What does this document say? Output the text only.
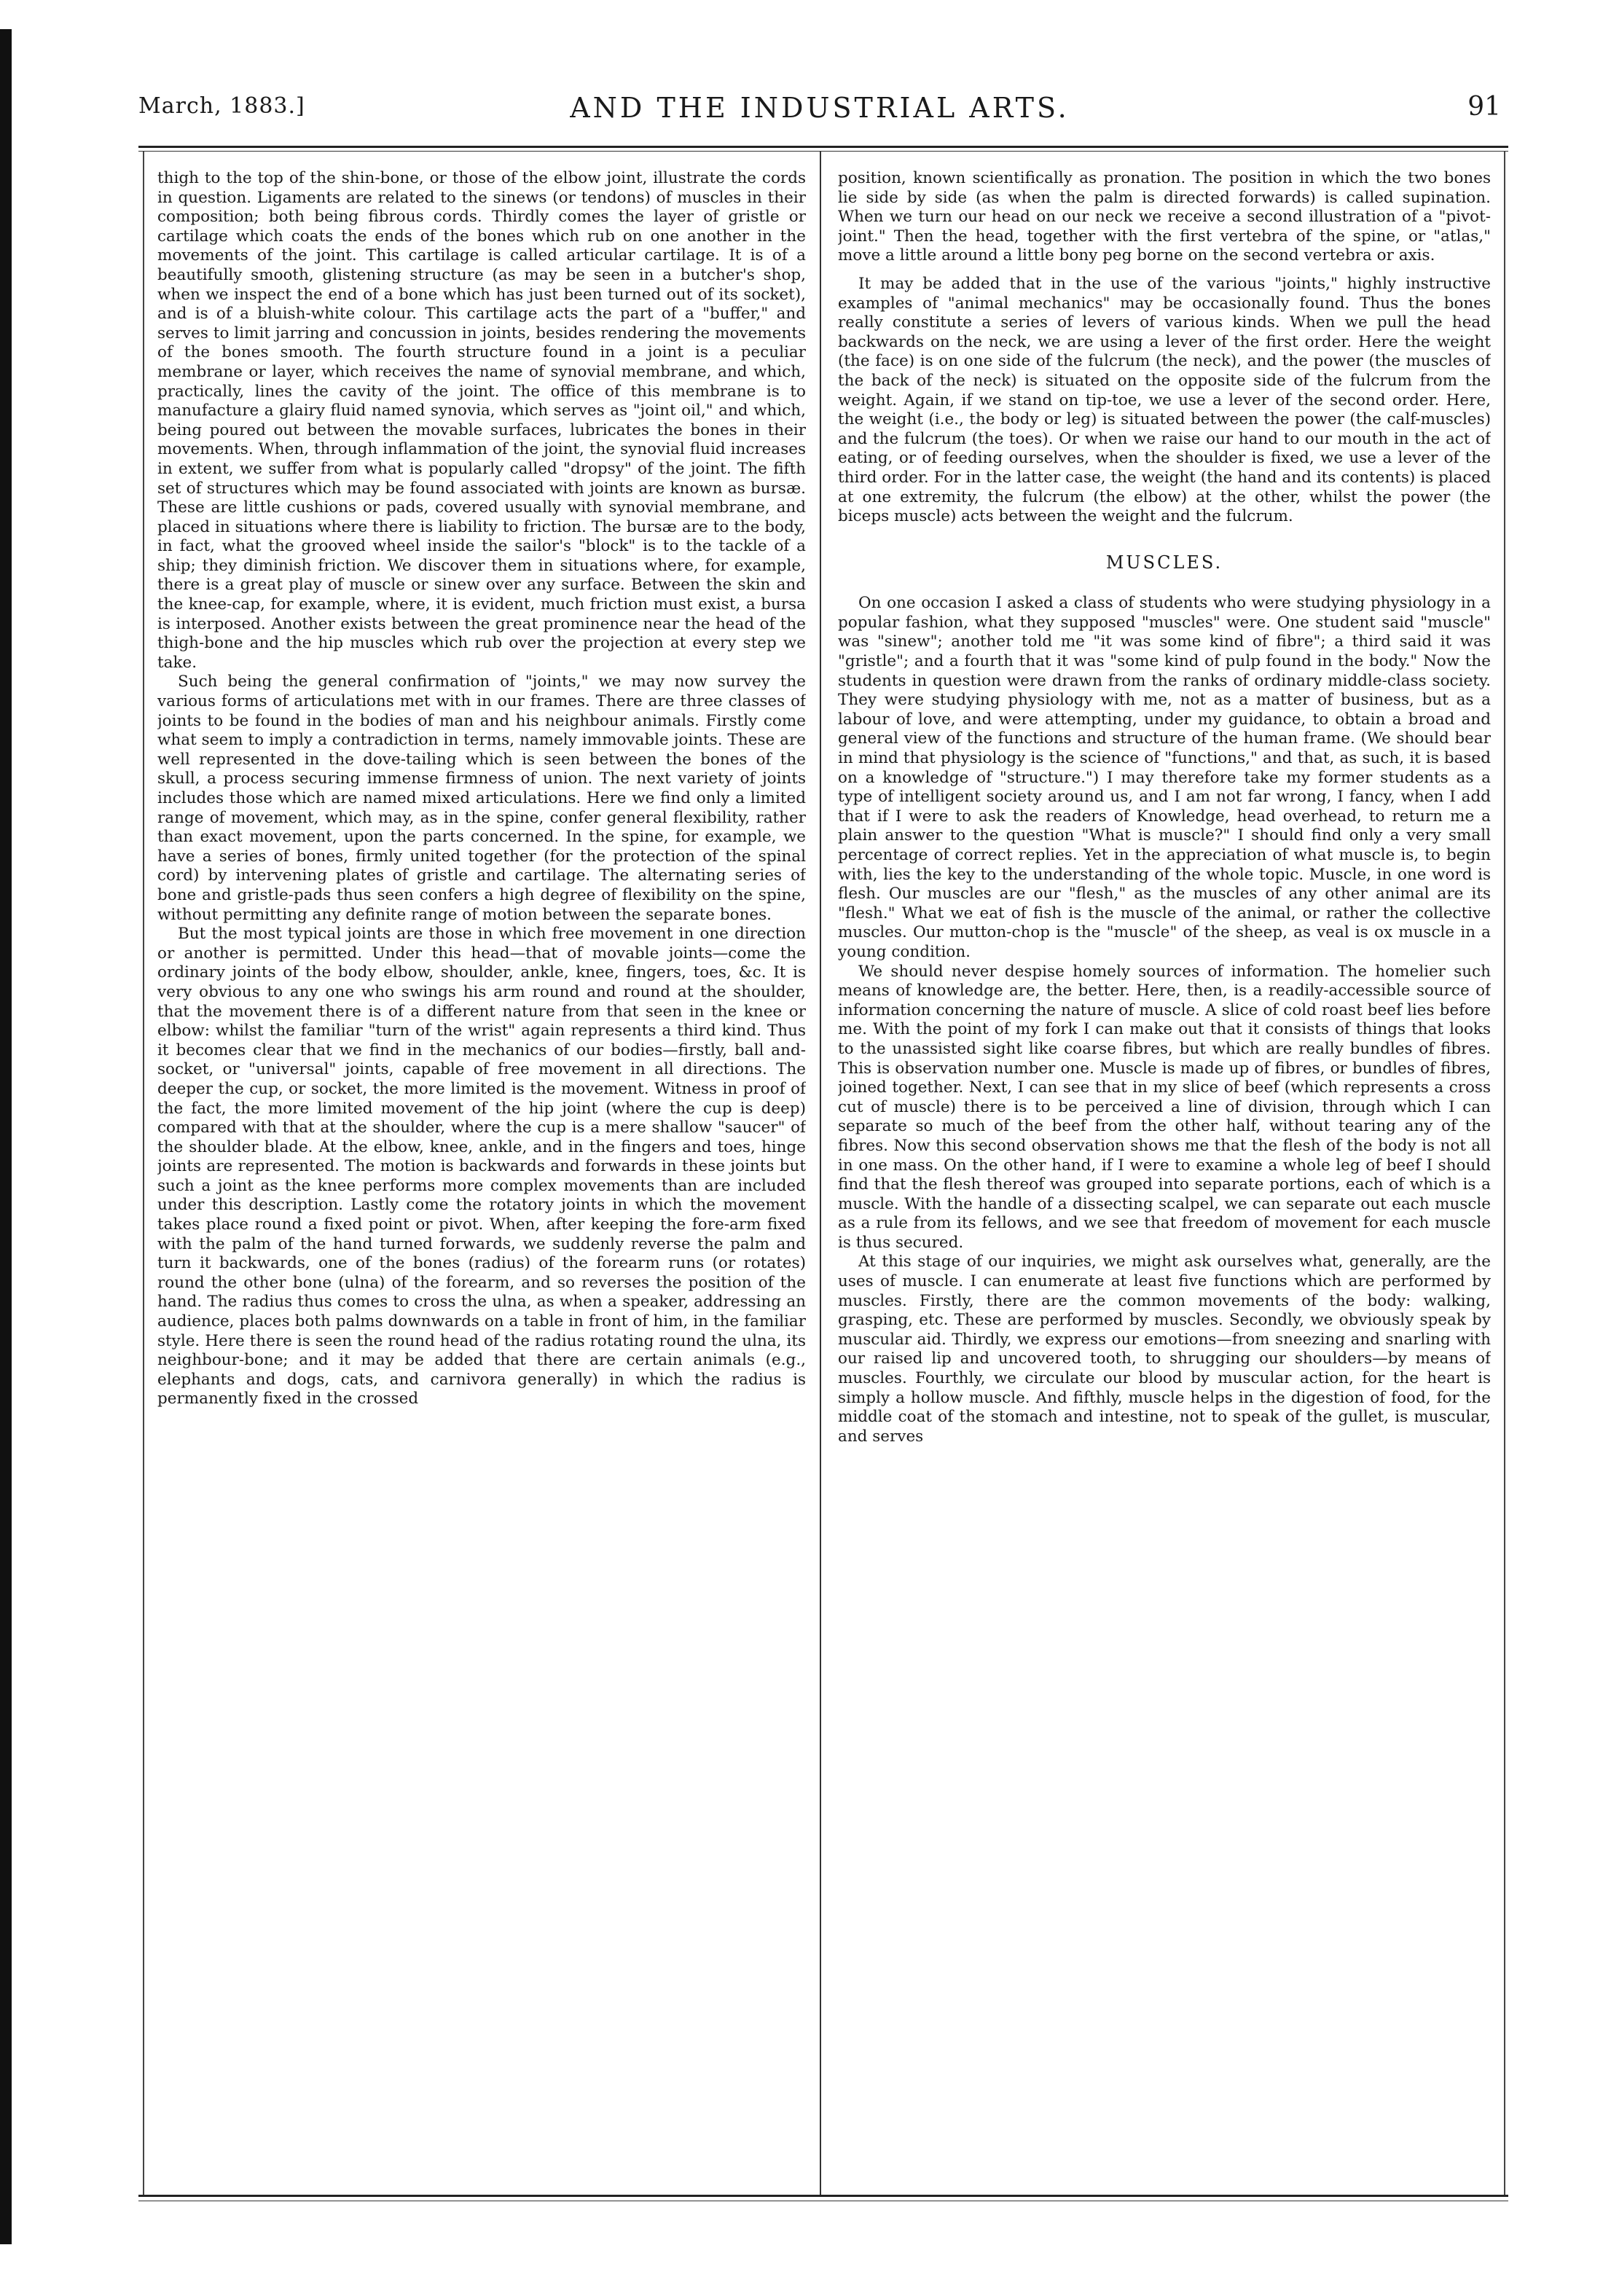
March, 1883.]	AND THE INDUSTRIAL ARTS.	91

thigh to the top of the shin-bone, or those of the elbow joint, illustrate the cords in question. Ligaments are related to the sinews (or tendons) of muscles in their composition; both being fibrous cords. Thirdly comes the layer of gristle or cartilage which coats the ends of the bones which rub on one another in the movements of the joint. This cartilage is called articular cartilage. It is of a beautifully smooth, glistening structure (as may be seen in a butcher's shop, when we inspect the end of a bone which has just been turned out of its socket), and is of a bluish-white colour. This cartilage acts the part of a "buffer," and serves to limit jarring and concussion in joints, besides rendering the movements of the bones smooth. The fourth structure found in a joint is a peculiar membrane or layer, which receives the name of synovial membrane, and which, practically, lines the cavity of the joint. The office of this membrane is to manufacture a glairy fluid named synovia, which serves as "joint oil," and which, being poured out between the movable surfaces, lubricates the bones in their movements. When, through inflammation of the joint, the synovial fluid increases in extent, we suffer from what is popularly called "dropsy" of the joint. The fifth set of structures which may be found associated with joints are known as bursæ. These are little cushions or pads, covered usually with synovial membrane, and placed in situations where there is liability to friction. The bursæ are to the body, in fact, what the grooved wheel inside the sailor's "block" is to the tackle of a ship; they diminish friction. We discover them in situations where, for example, there is a great play of muscle or sinew over any surface. Between the skin and the knee-cap, for example, where, it is evident, much friction must exist, a bursa is interposed. Another exists between the great prominence near the head of the thigh-bone and the hip muscles which rub over the projection at every step we take.

Such being the general confirmation of "joints," we may now survey the various forms of articulations met with in our frames. There are three classes of joints to be found in the bodies of man and his neighbour animals. Firstly come what seem to imply a contradiction in terms, namely immovable joints. These are well represented in the dove-tailing which is seen between the bones of the skull, a process securing immense firmness of union. The next variety of joints includes those which are named mixed articulations. Here we find only a limited range of movement, which may, as in the spine, confer general flexibility, rather than exact movement, upon the parts concerned. In the spine, for example, we have a series of bones, firmly united together (for the protection of the spinal cord) by intervening plates of gristle and cartilage. The alternating series of bone and gristle-pads thus seen confers a high degree of flexibility on the spine, without permitting any definite range of motion between the separate bones.

But the most typical joints are those in which free movement in one direction or another is permitted. Under this head—that of movable joints—come the ordinary joints of the body elbow, shoulder, ankle, knee, fingers, toes, &c. It is very obvious to any one who swings his arm round and round at the shoulder, that the movement there is of a different nature from that seen in the knee or elbow: whilst the familiar "turn of the wrist" again represents a third kind. Thus it becomes clear that we find in the mechanics of our bodies—firstly, ball and-socket, or "universal" joints, capable of free movement in all directions. The deeper the cup, or socket, the more limited is the movement. Witness in proof of the fact, the more limited movement of the hip joint (where the cup is deep) compared with that at the shoulder, where the cup is a mere shallow "saucer" of the shoulder blade. At the elbow, knee, ankle, and in the fingers and toes, hinge joints are represented. The motion is backwards and forwards in these joints but such a joint as the knee performs more complex movements than are included under this description. Lastly come the rotatory joints in which the movement takes place round a fixed point or pivot. When, after keeping the fore-arm fixed with the palm of the hand turned forwards, we suddenly reverse the palm and turn it backwards, one of the bones (radius) of the forearm runs (or rotates) round the other bone (ulna) of the forearm, and so reverses the position of the hand. The radius thus comes to cross the ulna, as when a speaker, addressing an audience, places both palms downwards on a table in front of him, in the familiar style. Here there is seen the round head of the radius rotating round the ulna, its neighbour-bone; and it may be added that there are certain animals (e.g., elephants and dogs, cats, and carnivora generally) in which the radius is permanently fixed in the crossed

position, known scientifically as pronation. The position in which the two bones lie side by side (as when the palm is directed forwards) is called supination. When we turn our head on our neck we receive a second illustration of a "pivot-joint." Then the head, together with the first vertebra of the spine, or "atlas," move a little around a little bony peg borne on the second vertebra or axis.

It may be added that in the use of the various "joints," highly instructive examples of "animal mechanics" may be occasionally found. Thus the bones really constitute a series of levers of various kinds. When we pull the head backwards on the neck, we are using a lever of the first order. Here the weight (the face) is on one side of the fulcrum (the neck), and the power (the muscles of the back of the neck) is situated on the opposite side of the fulcrum from the weight. Again, if we stand on tip-toe, we use a lever of the second order. Here, the weight (i.e., the body or leg) is situated between the power (the calf-muscles) and the fulcrum (the toes). Or when we raise our hand to our mouth in the act of eating, or of feeding ourselves, when the shoulder is fixed, we use a lever of the third order. For in the latter case, the weight (the hand and its contents) is placed at one extremity, the fulcrum (the elbow) at the other, whilst the power (the biceps muscle) acts between the weight and the fulcrum.

MUSCLES.

On one occasion I asked a class of students who were studying physiology in a popular fashion, what they supposed "muscles" were. One student said "muscle" was "sinew"; another told me "it was some kind of fibre"; a third said it was "gristle"; and a fourth that it was "some kind of pulp found in the body." Now the students in question were drawn from the ranks of ordinary middle-class society. They were studying physiology with me, not as a matter of business, but as a labour of love, and were attempting, under my guidance, to obtain a broad and general view of the functions and structure of the human frame. (We should bear in mind that physiology is the science of "functions," and that, as such, it is based on a knowledge of "structure.") I may therefore take my former students as a type of intelligent society around us, and I am not far wrong, I fancy, when I add that if I were to ask the readers of Knowledge, head overhead, to return me a plain answer to the question "What is muscle?" I should find only a very small percentage of correct replies. Yet in the appreciation of what muscle is, to begin with, lies the key to the understanding of the whole topic. Muscle, in one word is flesh. Our muscles are our "flesh," as the muscles of any other animal are its "flesh." What we eat of fish is the muscle of the animal, or rather the collective muscles. Our mutton-chop is the "muscle" of the sheep, as veal is ox muscle in a young condition.

We should never despise homely sources of information. The homelier such means of knowledge are, the better. Here, then, is a readily-accessible source of information concerning the nature of muscle. A slice of cold roast beef lies before me. With the point of my fork I can make out that it consists of things that looks to the unassisted sight like coarse fibres, but which are really bundles of fibres. This is observation number one. Muscle is made up of fibres, or bundles of fibres, joined together. Next, I can see that in my slice of beef (which represents a cross cut of muscle) there is to be perceived a line of division, through which I can separate so much of the beef from the other half, without tearing any of the fibres. Now this second observation shows me that the flesh of the body is not all in one mass. On the other hand, if I were to examine a whole leg of beef I should find that the flesh thereof was grouped into separate portions, each of which is a muscle. With the handle of a dissecting scalpel, we can separate out each muscle as a rule from its fellows, and we see that freedom of movement for each muscle is thus secured.

At this stage of our inquiries, we might ask ourselves what, generally, are the uses of muscle. I can enumerate at least five functions which are performed by muscles. Firstly, there are the common movements of the body: walking, grasping, etc. These are performed by muscles. Secondly, we obviously speak by muscular aid. Thirdly, we express our emotions—from sneezing and snarling with our raised lip and uncovered tooth, to shrugging our shoulders—by means of muscles. Fourthly, we circulate our blood by muscular action, for the heart is simply a hollow muscle. And fifthly, muscle helps in the digestion of food, for the middle coat of the stomach and intestine, not to speak of the gullet, is muscular, and serves
